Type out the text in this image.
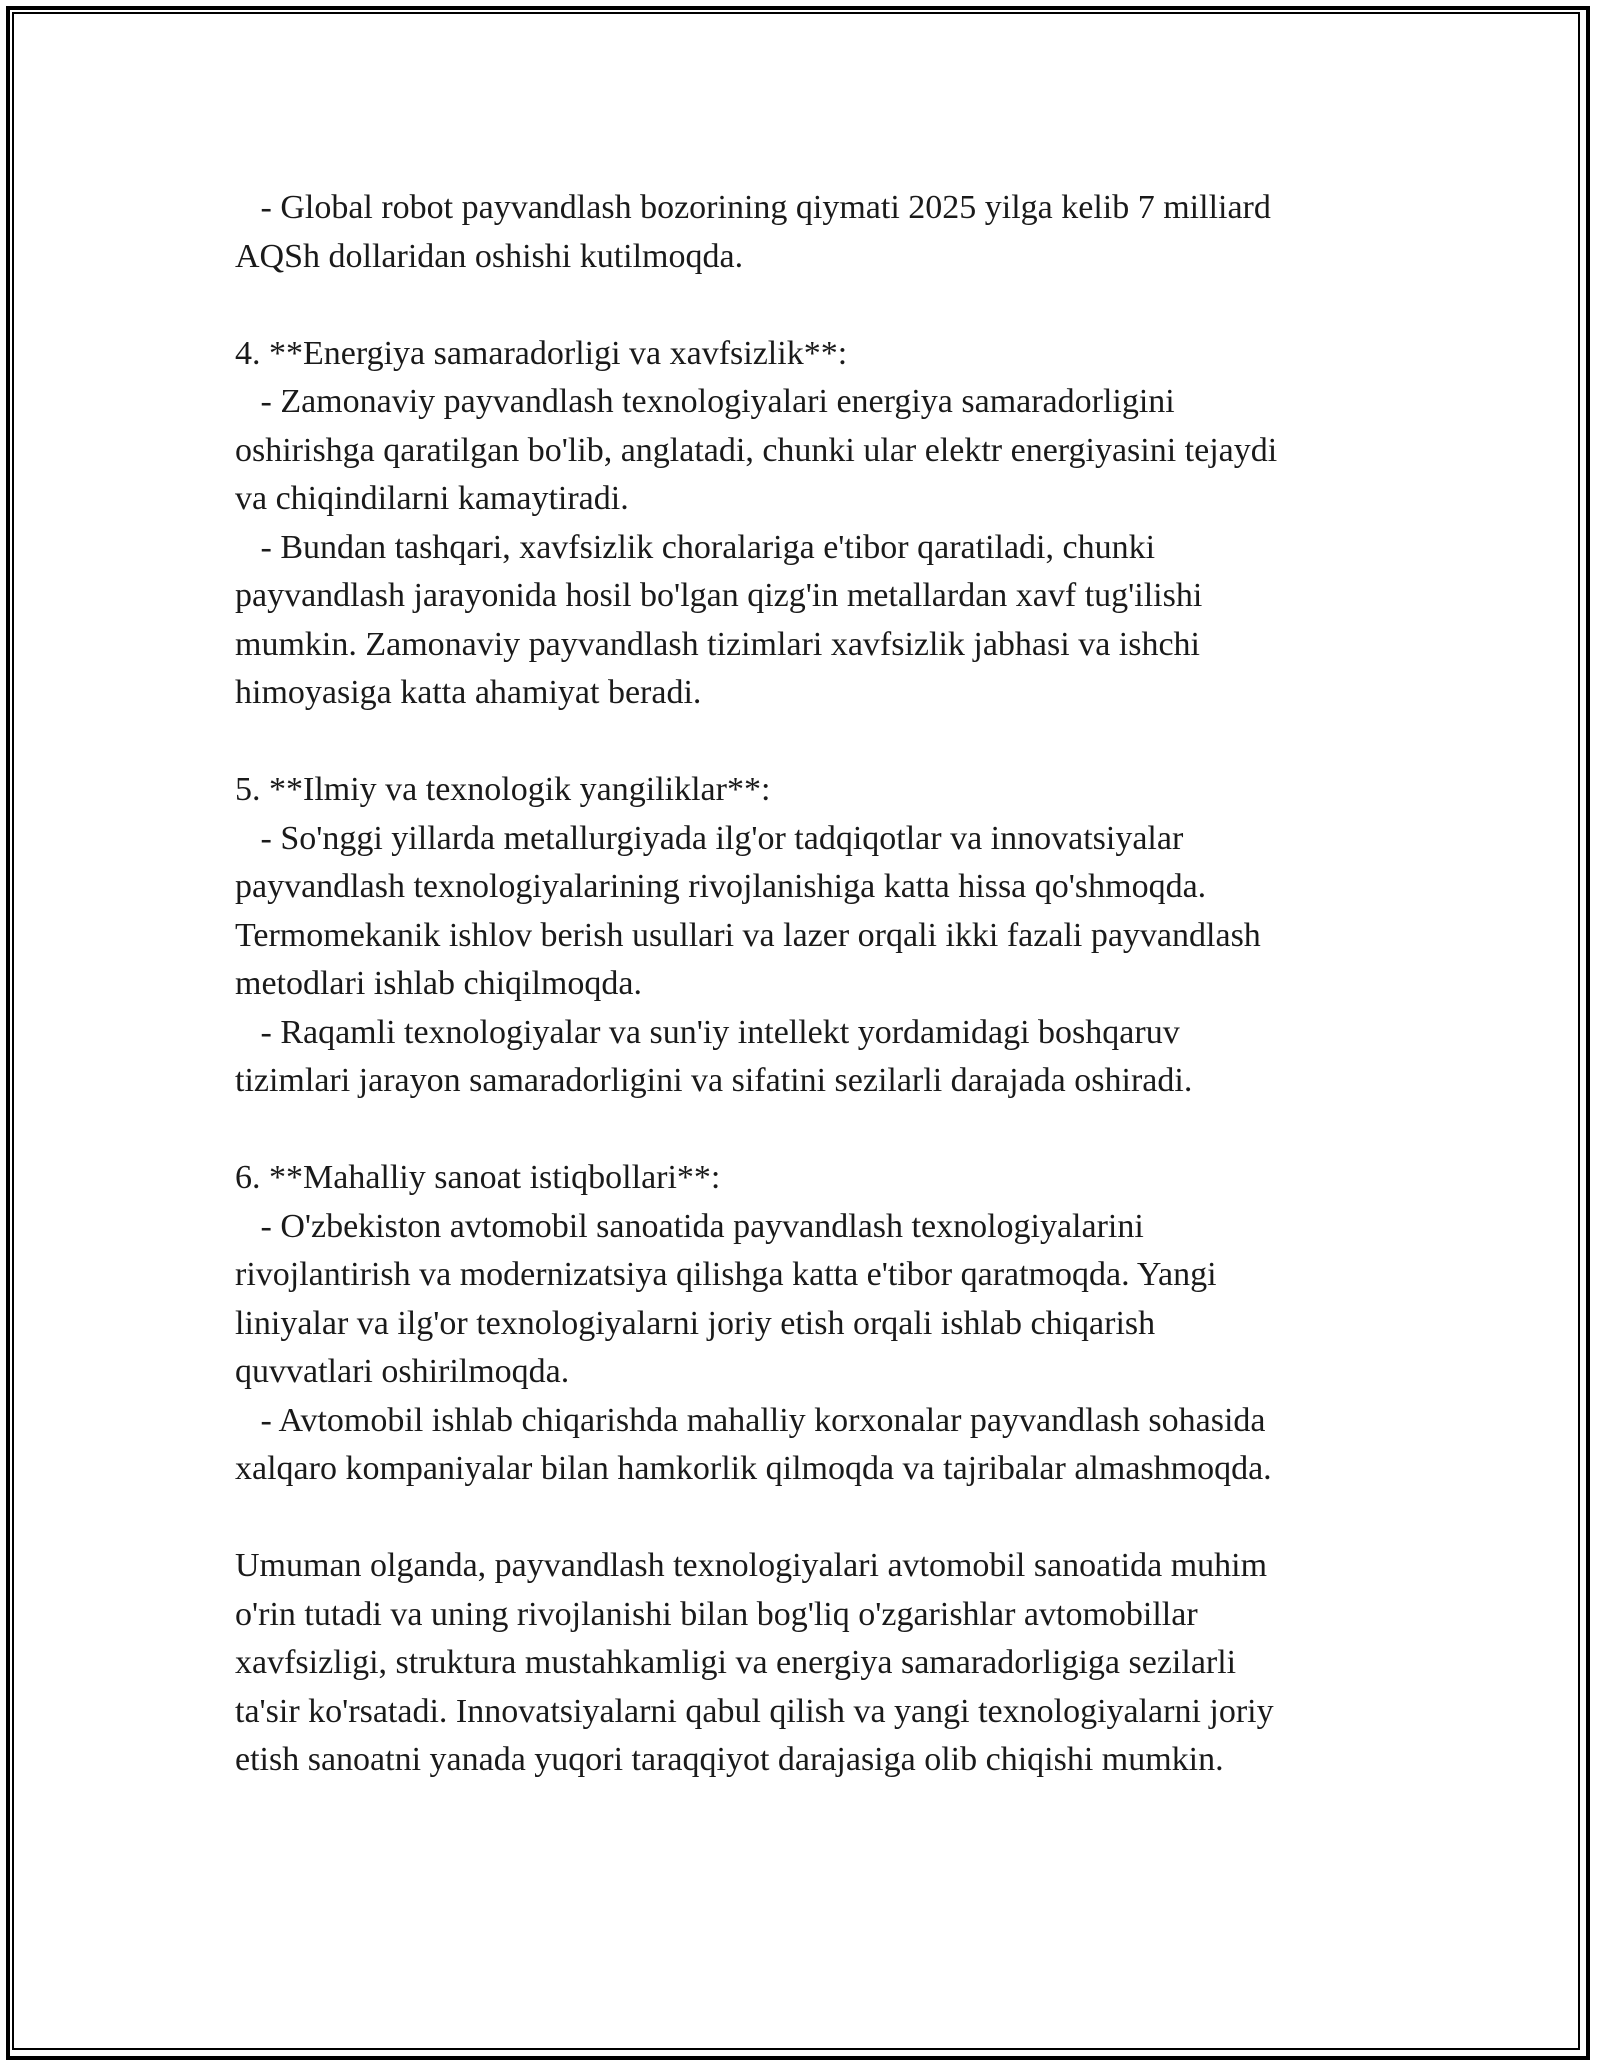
- Global robot payvandlash bozorining qiymati 2025 yilga kelib 7 milliard
AQSh dollaridan oshishi kutilmoqda.
4. **Energiya samaradorligi va xavfsizlik**:
- Zamonaviy payvandlash texnologiyalari energiya samaradorligini
oshirishga qaratilgan bo'lib, anglatadi, chunki ular elektr energiyasini tejaydi
va chiqindilarni kamaytiradi.
- Bundan tashqari, xavfsizlik choralariga e'tibor qaratiladi, chunki
payvandlash jarayonida hosil bo'lgan qizg'in metallardan xavf tug'ilishi
mumkin. Zamonaviy payvandlash tizimlari xavfsizlik jabhasi va ishchi
himoyasiga katta ahamiyat beradi.
5. **Ilmiy va texnologik yangiliklar**:
- So'nggi yillarda metallurgiyada ilg'or tadqiqotlar va innovatsiyalar
payvandlash texnologiyalarining rivojlanishiga katta hissa qo'shmoqda.
Termomekanik ishlov berish usullari va lazer orqali ikki fazali payvandlash
metodlari ishlab chiqilmoqda.
- Raqamli texnologiyalar va sun'iy intellekt yordamidagi boshqaruv
tizimlari jarayon samaradorligini va sifatini sezilarli darajada oshiradi.
6. **Mahalliy sanoat istiqbollari**:
- O'zbekiston avtomobil sanoatida payvandlash texnologiyalarini
rivojlantirish va modernizatsiya qilishga katta e'tibor qaratmoqda. Yangi
liniyalar va ilg'or texnologiyalarni joriy etish orqali ishlab chiqarish
quvvatlari oshirilmoqda.
- Avtomobil ishlab chiqarishda mahalliy korxonalar payvandlash sohasida
xalqaro kompaniyalar bilan hamkorlik qilmoqda va tajribalar almashmoqda.
Umuman olganda, payvandlash texnologiyalari avtomobil sanoatida muhim
o'rin tutadi va uning rivojlanishi bilan bog'liq o'zgarishlar avtomobillar
xavfsizligi, struktura mustahkamligi va energiya samaradorligiga sezilarli
ta'sir ko'rsatadi. Innovatsiyalarni qabul qilish va yangi texnologiyalarni joriy
etish sanoatni yanada yuqori taraqqiyot darajasiga olib chiqishi mumkin.
